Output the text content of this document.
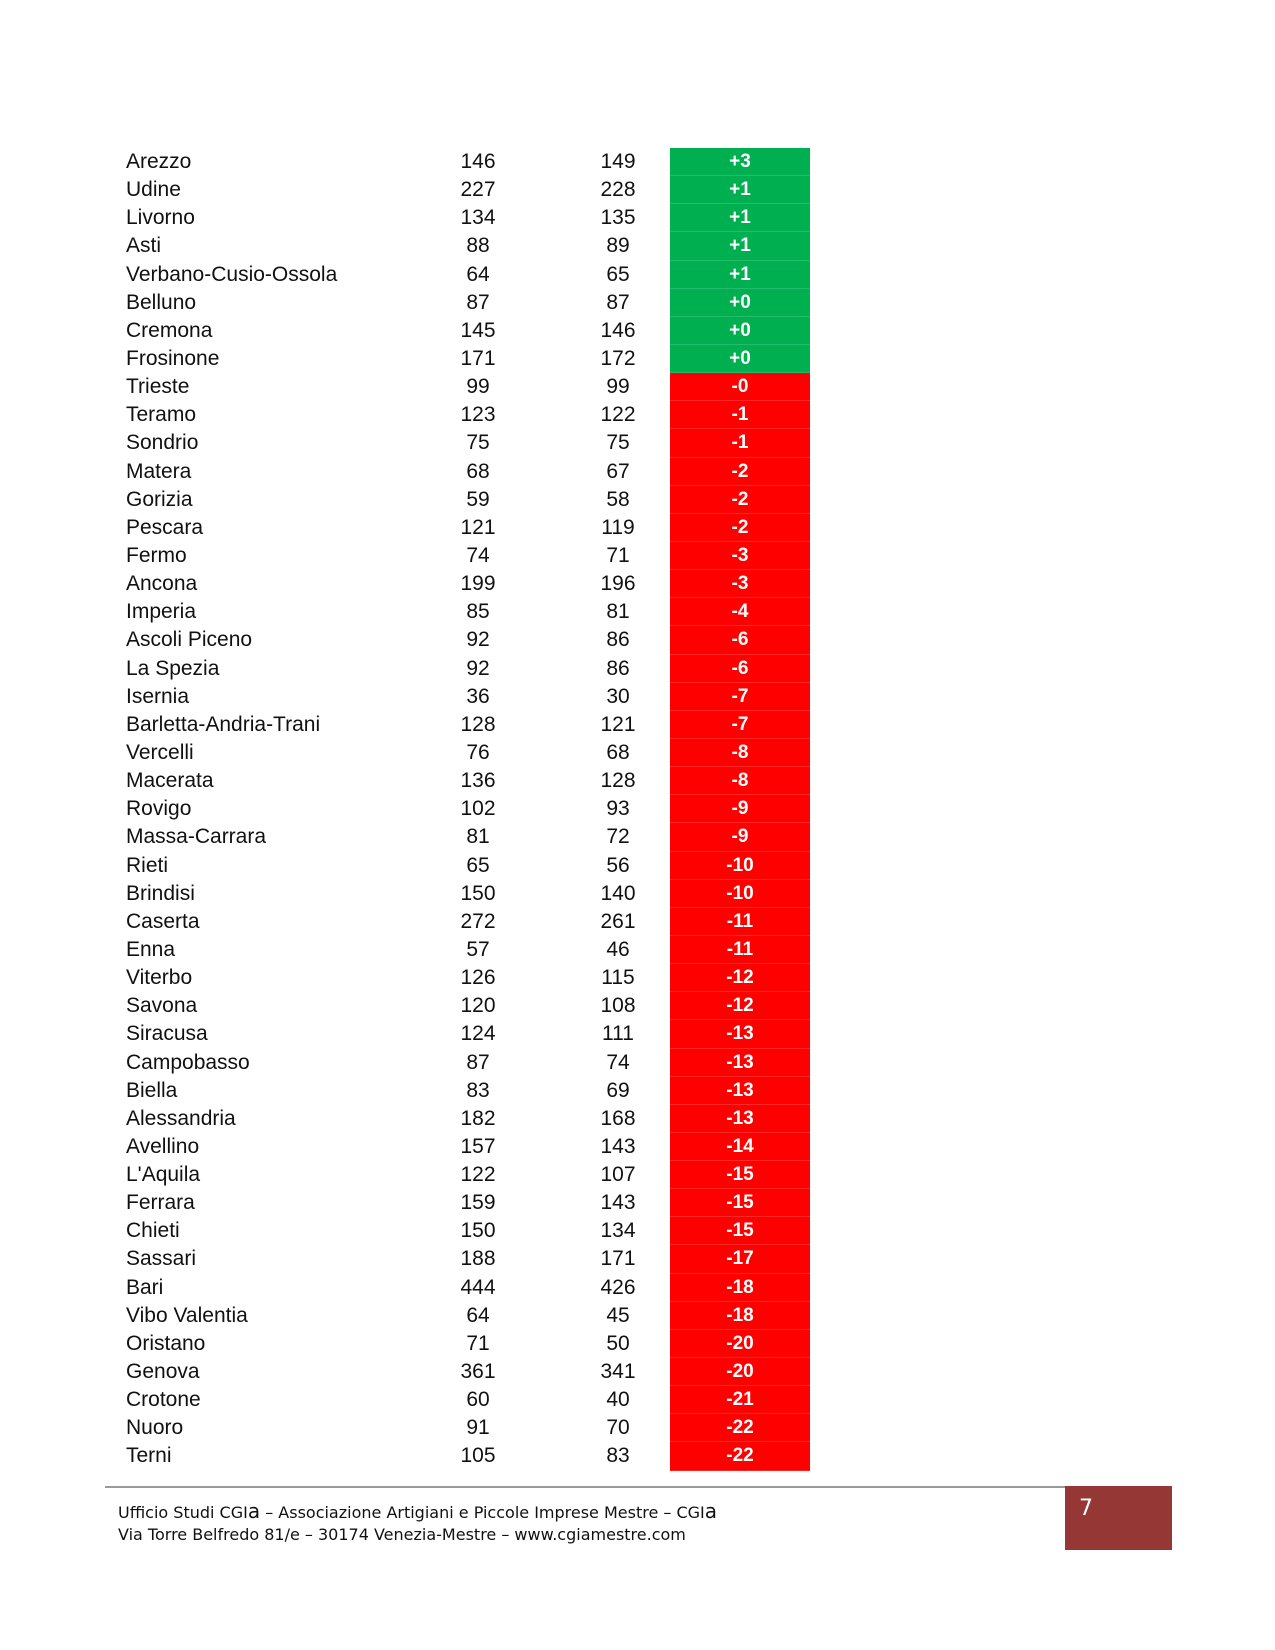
Arezzo	146	149	+3
Udine	227	228	+1
Livorno	134	135	+1
Asti	88	89	+1
Verbano-Cusio-Ossola	64	65	+1
Belluno	87	87	+0
Cremona	145	146	+0
Frosinone	171	172	+0
Trieste	99	99	-0
Teramo	123	122	-1
Sondrio	75	75	-1
Matera	68	67	-2
Gorizia	59	58	-2
Pescara	121	119	-2
Fermo	74	71	-3
Ancona	199	196	-3
Imperia	85	81	-4
Ascoli Piceno	92	86	-6
La Spezia	92	86	-6
Isernia	36	30	-7
Barletta-Andria-Trani	128	121	-7
Vercelli	76	68	-8
Macerata	136	128	-8
Rovigo	102	93	-9
Massa-Carrara	81	72	-9
Rieti	65	56	-10
Brindisi	150	140	-10
Caserta	272	261	-11
Enna	57	46	-11
Viterbo	126	115	-12
Savona	120	108	-12
Siracusa	124	111	-13
Campobasso	87	74	-13
Biella	83	69	-13
Alessandria	182	168	-13
Avellino	157	143	-14
L'Aquila	122	107	-15
Ferrara	159	143	-15
Chieti	150	134	-15
Sassari	188	171	-17
Bari	444	426	-18
Vibo Valentia	64	45	-18
Oristano	71	50	-20
Genova	361	341	-20
Crotone	60	40	-21
Nuoro	91	70	-22
Terni	105	83	-22
Ufficio Studi CGIa – Associazione Artigiani e Piccole Imprese Mestre – CGIa
Via Torre Belfredo 81/e – 30174 Venezia-Mestre – www.cgiamestre.com
7
